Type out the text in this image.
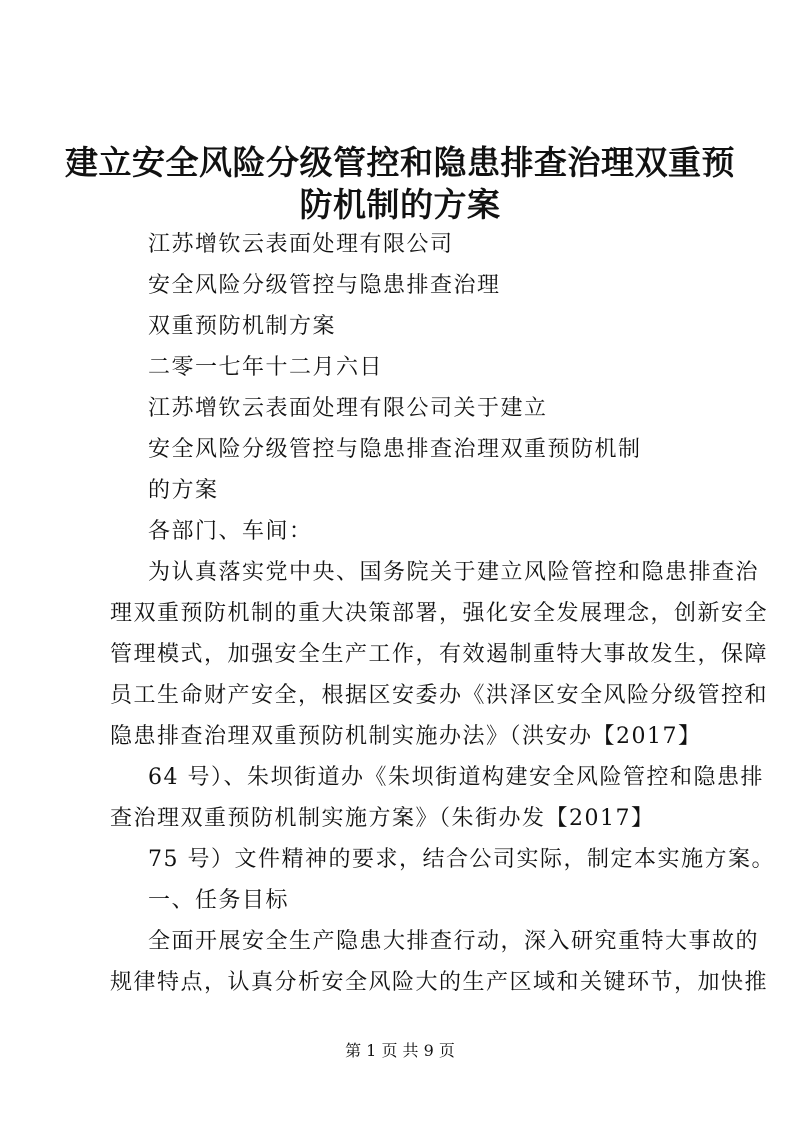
建立安全风险分级管控和隐患排查治理双重预
防机制的方案
江苏增钦云表面处理有限公司
安全风险分级管控与隐患排查治理
双重预防机制方案
二零一七年十二月六日
江苏增钦云表面处理有限公司关于建立
安全风险分级管控与隐患排查治理双重预防机制
的方案
各部门、车间：
为认真落实党中央、国务院关于建立风险管控和隐患排查治
理双重预防机制的重大决策部署，强化安全发展理念，创新安全
管理模式，加强安全生产工作，有效遏制重特大事故发生，保障
员工生命财产安全，根据区安委办《洪泽区安全风险分级管控和
隐患排查治理双重预防机制实施办法》（洪安办【2017】
64 号）、朱坝街道办《朱坝街道构建安全风险管控和隐患排
查治理双重预防机制实施方案》（朱街办发【2017】
75 号）文件精神的要求，结合公司实际，制定本实施方案。
一、任务目标
全面开展安全生产隐患大排查行动，深入研究重特大事故的
规律特点，认真分析安全风险大的生产区域和关键环节，加快推
第 1 页 共 9 页
